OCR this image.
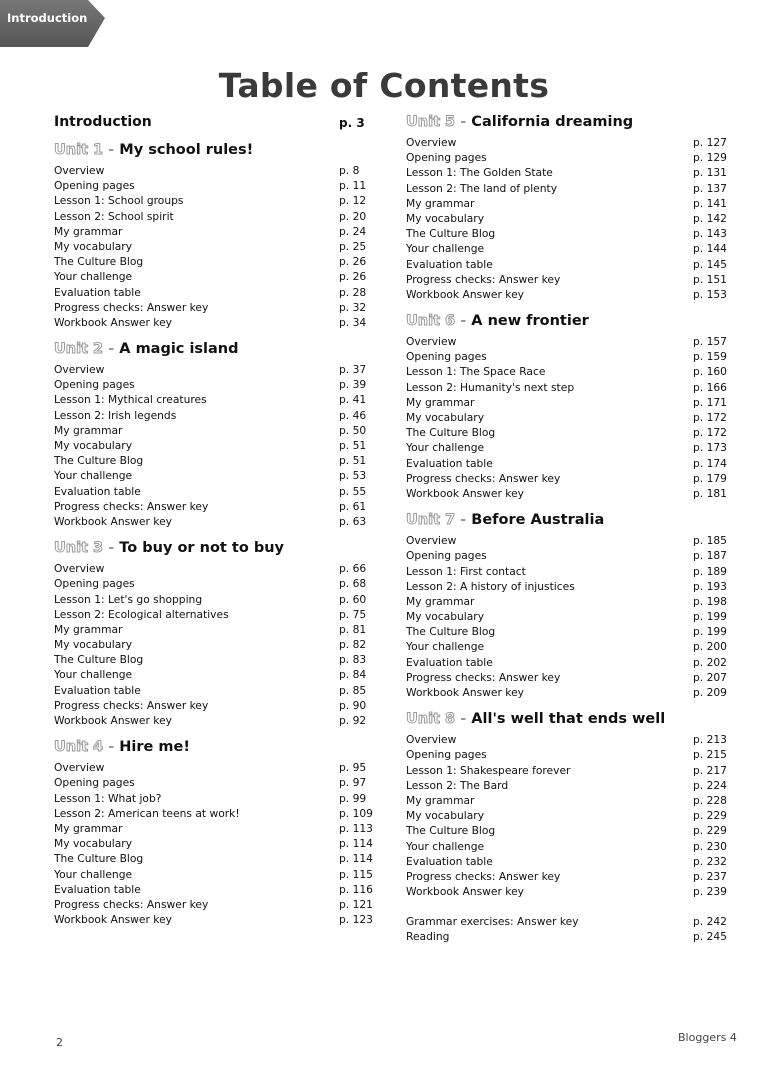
Introduction
Table of Contents
Introduction	p. 3
Unit 1 - My school rules!
Overview	p. 8
Opening pages	p. 11
Lesson 1: School groups	p. 12
Lesson 2: School spirit	p. 20
My grammar	p. 24
My vocabulary	p. 25
The Culture Blog	p. 26
Your challenge	p. 26
Evaluation table	p. 28
Progress checks: Answer key	p. 32
Workbook Answer key	p. 34
Unit 2 - A magic island
Overview	p. 37
Opening pages	p. 39
Lesson 1: Mythical creatures	p. 41
Lesson 2: Irish legends	p. 46
My grammar	p. 50
My vocabulary	p. 51
The Culture Blog	p. 51
Your challenge	p. 53
Evaluation table	p. 55
Progress checks: Answer key	p. 61
Workbook Answer key	p. 63
Unit 3 - To buy or not to buy
Overview	p. 66
Opening pages	p. 68
Lesson 1: Let's go shopping	p. 60
Lesson 2: Ecological alternatives	p. 75
My grammar	p. 81
My vocabulary	p. 82
The Culture Blog	p. 83
Your challenge	p. 84
Evaluation table	p. 85
Progress checks: Answer key	p. 90
Workbook Answer key	p. 92
Unit 4 - Hire me!
Overview	p. 95
Opening pages	p. 97
Lesson 1: What job?	p. 99
Lesson 2: American teens at work!	p. 109
My grammar	p. 113
My vocabulary	p. 114
The Culture Blog	p. 114
Your challenge	p. 115
Evaluation table	p. 116
Progress checks: Answer key	p. 121
Workbook Answer key	p. 123
Unit 5 - California dreaming
Overview	p. 127
Opening pages	p. 129
Lesson 1: The Golden State	p. 131
Lesson 2: The land of plenty	p. 137
My grammar	p. 141
My vocabulary	p. 142
The Culture Blog	p. 143
Your challenge	p. 144
Evaluation table	p. 145
Progress checks: Answer key	p. 151
Workbook Answer key	p. 153
Unit 6 - A new frontier
Overview	p. 157
Opening pages	p. 159
Lesson 1: The Space Race	p. 160
Lesson 2: Humanity's next step	p. 166
My grammar	p. 171
My vocabulary	p. 172
The Culture Blog	p. 172
Your challenge	p. 173
Evaluation table	p. 174
Progress checks: Answer key	p. 179
Workbook Answer key	p. 181
Unit 7 - Before Australia
Overview	p. 185
Opening pages	p. 187
Lesson 1: First contact	p. 189
Lesson 2: A history of injustices	p. 193
My grammar	p. 198
My vocabulary	p. 199
The Culture Blog	p. 199
Your challenge	p. 200
Evaluation table	p. 202
Progress checks: Answer key	p. 207
Workbook Answer key	p. 209
Unit 8 - All's well that ends well
Overview	p. 213
Opening pages	p. 215
Lesson 1: Shakespeare forever	p. 217
Lesson 2: The Bard	p. 224
My grammar	p. 228
My vocabulary	p. 229
The Culture Blog	p. 229
Your challenge	p. 230
Evaluation table	p. 232
Progress checks: Answer key	p. 237
Workbook Answer key	p. 239
Grammar exercises: Answer key	p. 242
Reading	p. 245
2	Bloggers 4
